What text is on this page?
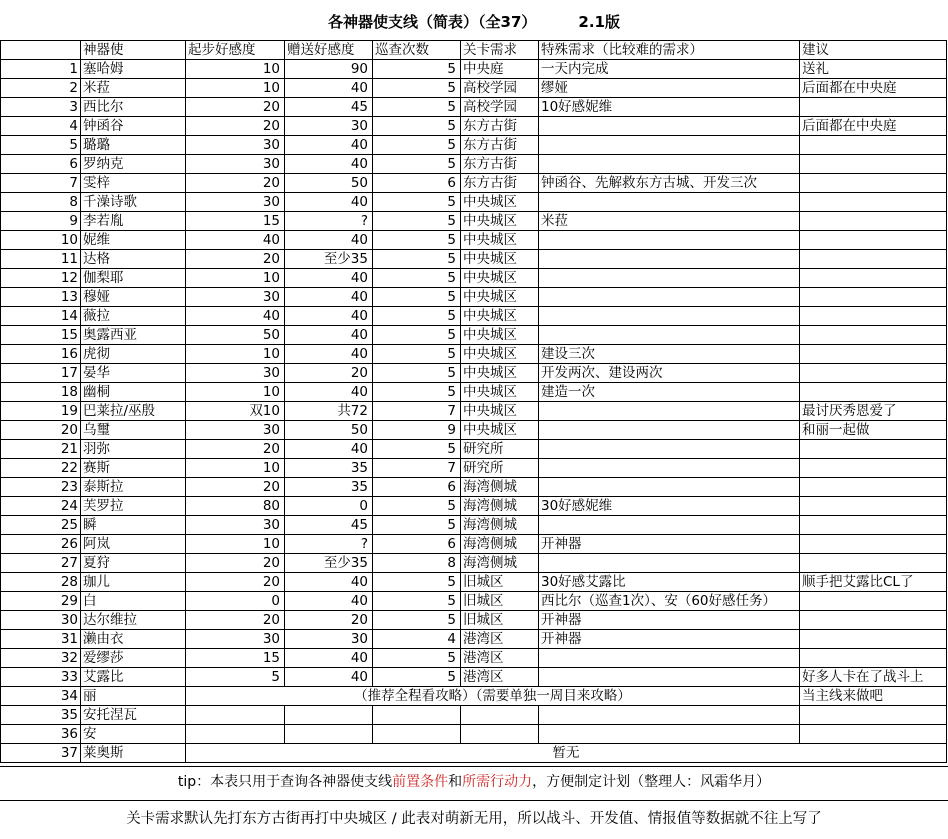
各神器使支线（简表）（全37）	2.1版
	神器使	起步好感度	赠送好感度	巡查次数	关卡需求	特殊需求（比较难的需求）	建议
1	塞哈姆	10	90	5	中央庭	一天内完成	送礼
2	米菈	10	40	5	高校学园	缪娅	后面都在中央庭
3	西比尔	20	45	5	高校学园	10好感妮维	
4	钟函谷	20	30	5	东方古街		后面都在中央庭
5	璐璐	30	40	5	东方古街		
6	罗纳克	30	40	5	东方古街		
7	雯梓	20	50	6	东方古街	钟函谷、先解救东方古城、开发三次	
8	千澡诗歌	30	40	5	中央城区		
9	李若胤	15	?	5	中央城区	米菈	
10	妮维	40	40	5	中央城区		
11	达格	20	至少35	5	中央城区		
12	伽梨耶	10	40	5	中央城区		
13	穆娅	30	40	5	中央城区		
14	薇拉	40	40	5	中央城区		
15	奥露西亚	50	40	5	中央城区		
16	虎彻	10	40	5	中央城区	建设三次	
17	晏华	30	20	5	中央城区	开发两次、建设两次	
18	幽桐	10	40	5	中央城区	建造一次	
19	巴莱拉/巫殷	双10	共72	7	中央城区		最讨厌秀恩爱了
20	乌璽	30	50	9	中央城区		和丽一起做
21	羽弥	20	40	5	研究所		
22	赛斯	10	35	7	研究所		
23	泰斯拉	20	35	6	海湾侧城		
24	芙罗拉	80	0	5	海湾侧城	30好感妮维	
25	瞬	30	45	5	海湾侧城		
26	阿岚	10	?	6	海湾侧城	开神器	
27	夏狩	20	至少35	8	海湾侧城		
28	珈儿	20	40	5	旧城区	30好感艾露比	顺手把艾露比CL了
29	白	0	40	5	旧城区	西比尔（巡查1次）、安（60好感任务）	
30	达尔维拉	20	20	5	旧城区	开神器	
31	濑由衣	30	30	4	港湾区	开神器	
32	爱缪莎	15	40	5	港湾区		
33	艾露比	5	40	5	港湾区		好多人卡在了战斗上
34	丽	（推荐全程看攻略）（需要单独一周目来攻略）					当主线来做吧
35	安托涅瓦						
36	安						
37	莱奥斯	暂无					
tip：本表只用于查询各神器使支线前置条件和所需行动力，方便制定计划（整理人：风霜华月）
关卡需求默认先打东方古街再打中央城区 / 此表对萌新无用，所以战斗、开发值、情报值等数据就不往上写了
